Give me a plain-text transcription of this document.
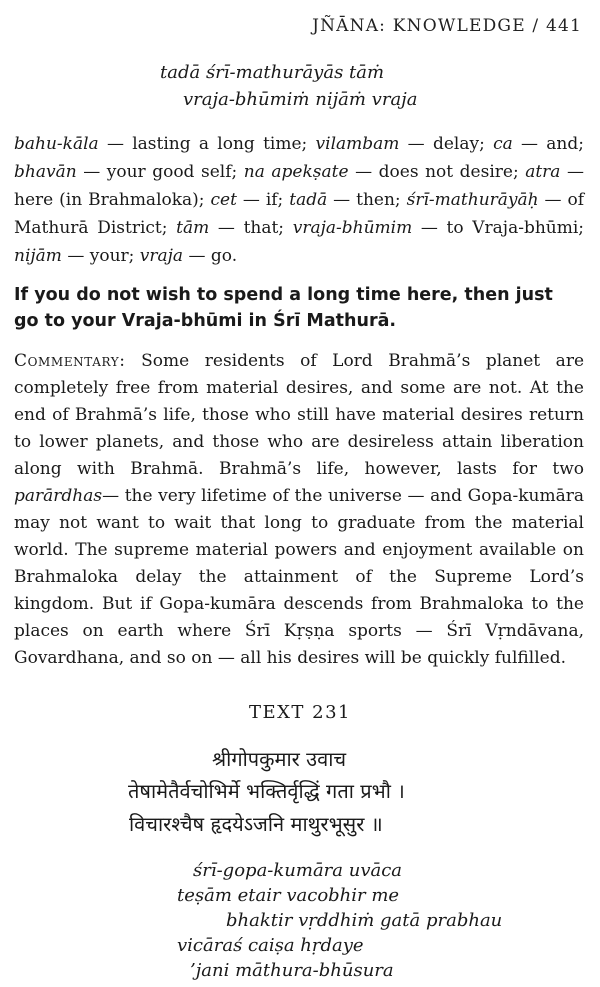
JÑĀNA: KNOWLEDGE / 441
tadā śrī-mathurāyās tāṁ
vraja-bhūmiṁ nijāṁ vraja

bahu-kāla — lasting a long time; vilambam — delay; ca — and; bhavān — your good self; na apekṣate — does not desire; atra — here (in Brahmaloka); cet — if; tadā — then; śrī-mathurāyāḥ — of Mathurā District; tām — that; vraja-bhūmim — to Vraja-bhūmi; nijām — your; vraja — go.

If you do not wish to spend a long time here, then just go to your Vraja-bhūmi in Śrī Mathurā.

Commentary: Some residents of Lord Brahmā’s planet are completely free from material desires, and some are not. At the end of Brahmā’s life, those who still have material desires return to lower planets, and those who are desireless attain liberation along with Brahmā. Brahmā’s life, however, lasts for two parārdhas— the very lifetime of the universe — and Gopa-kumāra may not want to wait that long to graduate from the material world. The supreme material powers and enjoyment available on Brahmaloka delay the attainment of the Supreme Lord’s kingdom. But if Gopa-kumāra descends from Brahmaloka to the places on earth where Śrī Kṛṣṇa sports — Śrī Vṛndāvana, Govardhana, and so on — all his desires will be quickly fulfilled.

TEXT 231
श्रीगोपकुमार उवाच
तेषामेतैर्वचोभिर्मे भक्तिर्वृद्धिं गता प्रभौ ।
विचारश्चैष हृदयेऽजनि माथुरभूसुर ॥
śrī-gopa-kumāra uvāca
teṣām etair vacobhir me
bhaktir vṛddhiṁ gatā prabhau
vicāraś caiṣa hṛdaye
’jani māthura-bhūsura
